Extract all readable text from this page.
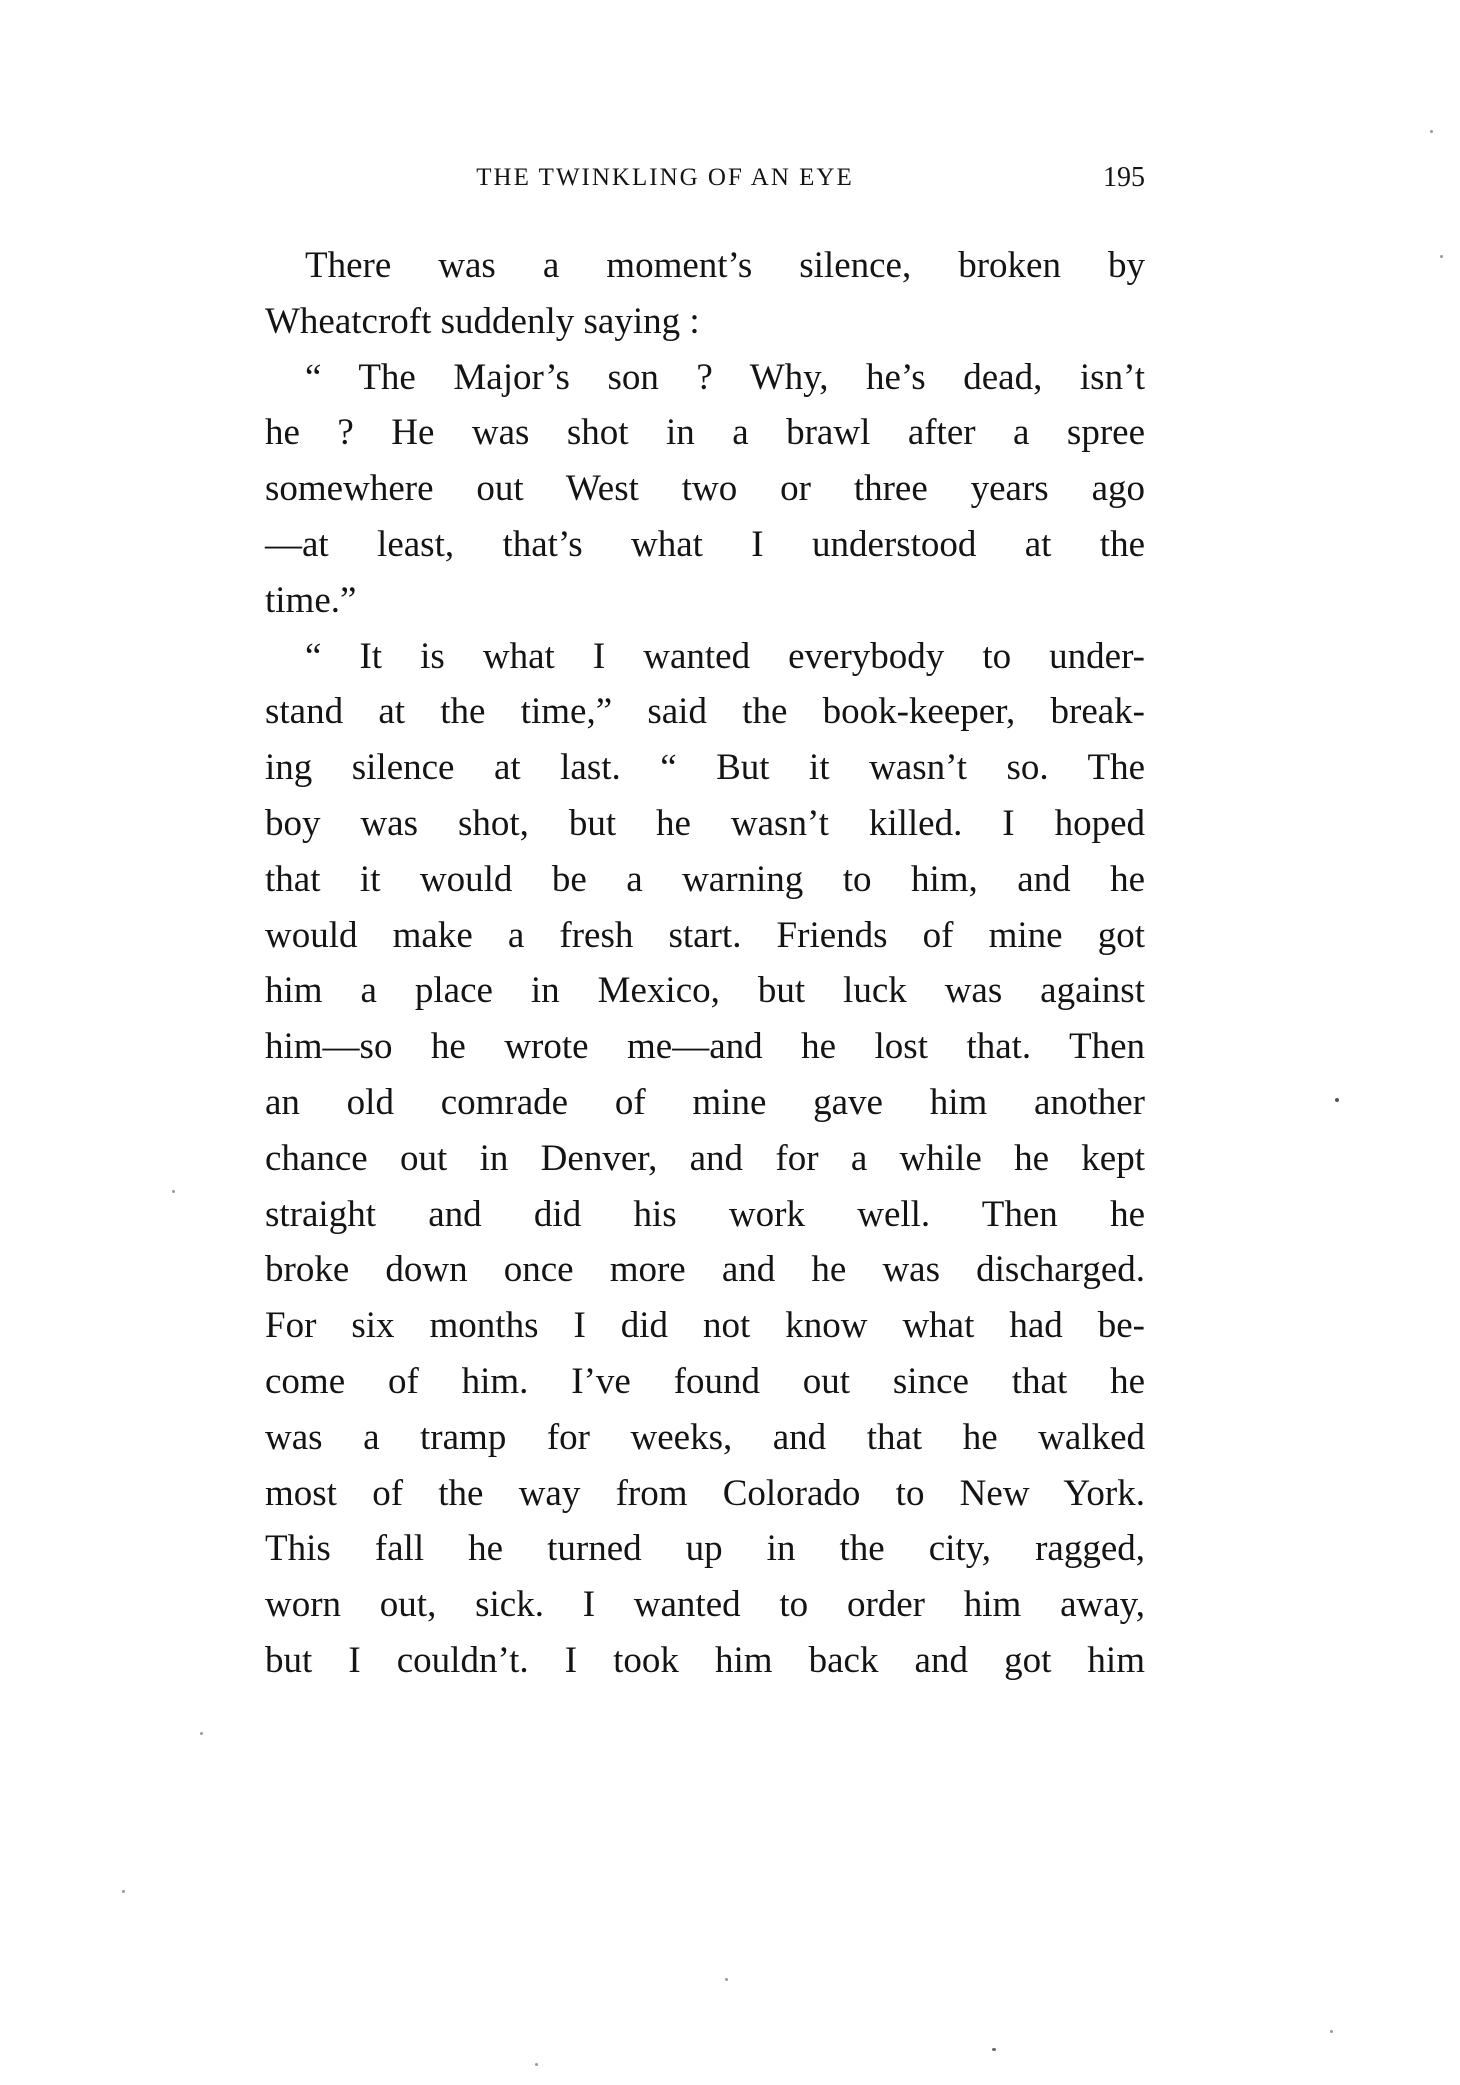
THE TWINKLING OF AN EYE	195
There was a moment’s silence, broken by
Wheatcroft suddenly saying :
“ The Major’s son ? Why, he’s dead, isn’t
he ? He was shot in a brawl after a spree
somewhere out West two or three years ago
—at least, that’s what I understood at the
time.”
“ It is what I wanted everybody to under-
stand at the time,” said the book-keeper, break-
ing silence at last. “ But it wasn’t so. The
boy was shot, but he wasn’t killed. I hoped
that it would be a warning to him, and he
would make a fresh start. Friends of mine got
him a place in Mexico, but luck was against
him—so he wrote me—and he lost that. Then
an old comrade of mine gave him another
chance out in Denver, and for a while he kept
straight and did his work well. Then he
broke down once more and he was discharged.
For six months I did not know what had be-
come of him. I’ve found out since that he
was a tramp for weeks, and that he walked
most of the way from Colorado to New York.
This fall he turned up in the city, ragged,
worn out, sick. I wanted to order him away,
but I couldn’t. I took him back and got him
